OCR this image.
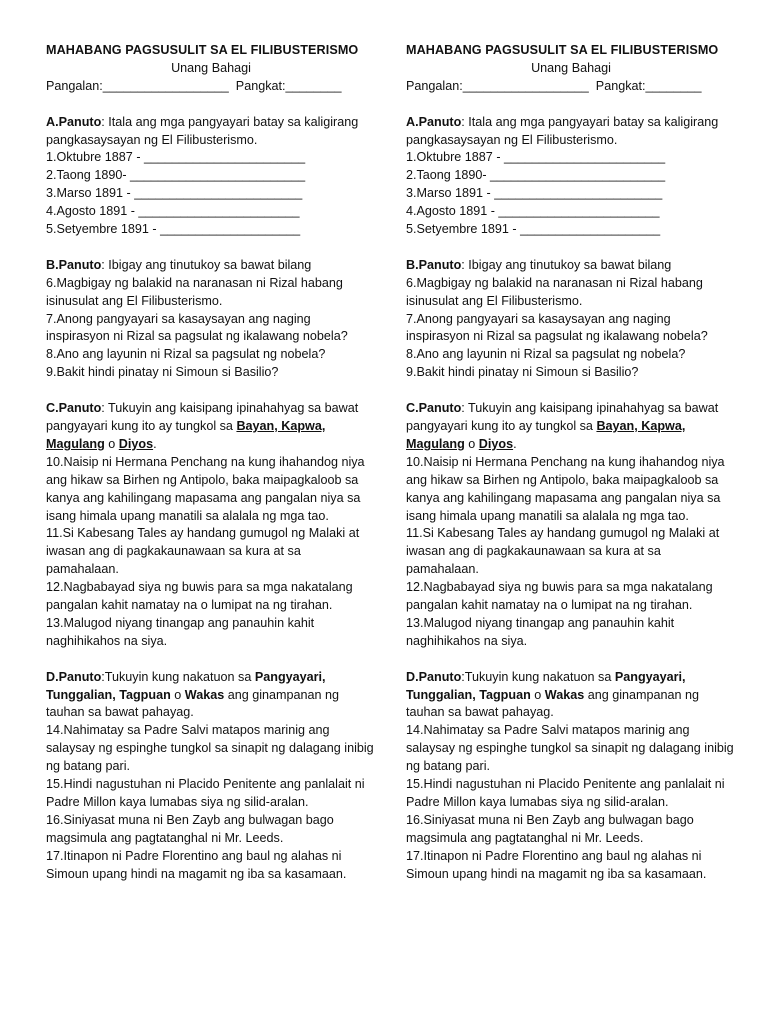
MAHABANG PAGSUSULIT SA EL FILIBUSTERISMO
Unang Bahagi
Pangalan:__________________ Pangkat:________
A.Panuto: Itala ang mga pangyayari batay sa kaligirang pangkasaysayan ng El Filibusterismo.
1.Oktubre 1887 - _______________________
2.Taong 1890- _________________________
3.Marso 1891 - ________________________
4.Agosto 1891 - _______________________
5.Setyembre 1891 - ____________________
B.Panuto: Ibigay ang tinutukoy sa bawat bilang
6.Magbigay ng balakid na naranasan ni Rizal habang isinusulat ang El Filibusterismo.
7.Anong pangyayari sa kasaysayan ang naging inspirasyon ni Rizal sa pagsulat ng ikalawang nobela?
8.Ano ang layunin ni Rizal sa pagsulat ng nobela?
9.Bakit hindi pinatay ni Simoun si Basilio?
C.Panuto: Tukuyin ang kaisipang ipinahahyag sa bawat pangyayari kung ito ay tungkol sa Bayan, Kapwa, Magulang o Diyos.
10.Naisip ni Hermana Penchang na kung ihahandog niya ang hikaw sa Birhen ng Antipolo, baka maipagkaloob sa kanya ang kahilingang mapasama ang pangalan niya sa isang himala upang manatili sa alalala ng mga tao.
11.Si Kabesang Tales ay handang gumugol ng Malaki at iwasan ang di pagkakaunawaan sa kura at sa pamahalaan.
12.Nagbabayad siya ng buwis para sa mga nakatalang pangalan kahit namatay na o lumipat na ng tirahan.
13.Malugod niyang tinangap ang panauhin kahit naghihikahos na siya.
D.Panuto:Tukuyin kung nakatuon sa Pangyayari, Tunggalian, Tagpuan o Wakas ang ginampanan ng tauhan sa bawat pahayag.
14.Nahimatay sa Padre Salvi matapos marinig ang salaysay ng espinghe tungkol sa sinapit ng dalagang inibig ng batang pari.
15.Hindi nagustuhan ni Placido Penitente ang panlalait ni Padre Millon kaya lumabas siya ng silid-aralan.
16.Siniyasat muna ni Ben Zayb ang bulwagan bago magsimula ang pagtatanghal ni Mr. Leeds.
17.Itinapon ni Padre Florentino ang baul ng alahas ni Simoun upang hindi na magamit ng iba sa kasamaan.
MAHABANG PAGSUSULIT SA EL FILIBUSTERISMO
Unang Bahagi
Pangalan:__________________ Pangkat:________
A.Panuto: Itala ang mga pangyayari batay sa kaligirang pangkasaysayan ng El Filibusterismo.
1.Oktubre 1887 - _______________________
2.Taong 1890- _________________________
3.Marso 1891 - ________________________
4.Agosto 1891 - _______________________
5.Setyembre 1891 - ____________________
B.Panuto: Ibigay ang tinutukoy sa bawat bilang
6.Magbigay ng balakid na naranasan ni Rizal habang isinusulat ang El Filibusterismo.
7.Anong pangyayari sa kasaysayan ang naging inspirasyon ni Rizal sa pagsulat ng ikalawang nobela?
8.Ano ang layunin ni Rizal sa pagsulat ng nobela?
9.Bakit hindi pinatay ni Simoun si Basilio?
C.Panuto: Tukuyin ang kaisipang ipinahahyag sa bawat pangyayari kung ito ay tungkol sa Bayan, Kapwa, Magulang o Diyos.
10.Naisip ni Hermana Penchang na kung ihahandog niya ang hikaw sa Birhen ng Antipolo, baka maipagkaloob sa kanya ang kahilingang mapasama ang pangalan niya sa isang himala upang manatili sa alalala ng mga tao.
11.Si Kabesang Tales ay handang gumugol ng Malaki at iwasan ang di pagkakaunawaan sa kura at sa pamahalaan.
12.Nagbabayad siya ng buwis para sa mga nakatalang pangalan kahit namatay na o lumipat na ng tirahan.
13.Malugod niyang tinangap ang panauhin kahit naghihikahos na siya.
D.Panuto:Tukuyin kung nakatuon sa Pangyayari, Tunggalian, Tagpuan o Wakas ang ginampanan ng tauhan sa bawat pahayag.
14.Nahimatay sa Padre Salvi matapos marinig ang salaysay ng espinghe tungkol sa sinapit ng dalagang inibig ng batang pari.
15.Hindi nagustuhan ni Placido Penitente ang panlalait ni Padre Millon kaya lumabas siya ng silid-aralan.
16.Siniyasat muna ni Ben Zayb ang bulwagan bago magsimula ang pagtatanghal ni Mr. Leeds.
17.Itinapon ni Padre Florentino ang baul ng alahas ni Simoun upang hindi na magamit ng iba sa kasamaan.
